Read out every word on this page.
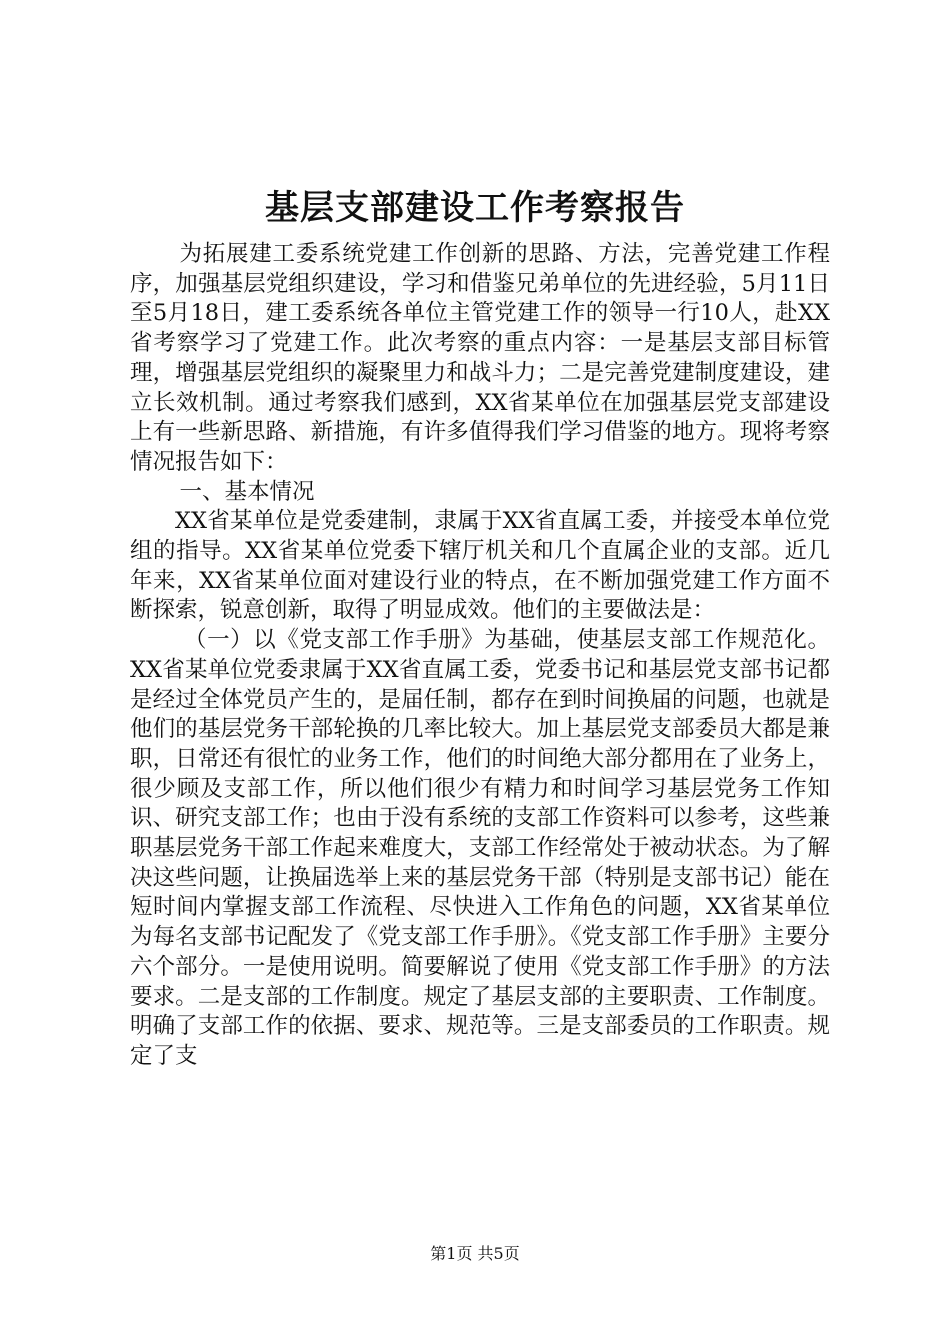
基层支部建设工作考察报告

为拓展建工委系统党建工作创新的思路、方法，完善党建工作程序，加强基层党组织建设，学习和借鉴兄弟单位的先进经验，5月11日至5月18日，建工委系统各单位主管党建工作的领导一行10人，赴XX省考察学习了党建工作。此次考察的重点内容：一是基层支部目标管理，增强基层党组织的凝聚里力和战斗力；二是完善党建制度建设，建立长效机制。通过考察我们感到，XX省某单位在加强基层党支部建设上有一些新思路、新措施，有许多值得我们学习借鉴的地方。现将考察情况报告如下：

一、基本情况

XX省某单位是党委建制，隶属于XX省直属工委，并接受本单位党组的指导。XX省某单位党委下辖厅机关和几个直属企业的支部。近几年来，XX省某单位面对建设行业的特点，在不断加强党建工作方面不断探索，锐意创新，取得了明显成效。他们的主要做法是：

（一）以《党支部工作手册》为基础，使基层支部工作规范化。XX省某单位党委隶属于XX省直属工委，党委书记和基层党支部书记都是经过全体党员产生的，是届任制，都存在到时间换届的问题，也就是他们的基层党务干部轮换的几率比较大。加上基层党支部委员大都是兼职，日常还有很忙的业务工作，他们的时间绝大部分都用在了业务上，很少顾及支部工作，所以他们很少有精力和时间学习基层党务工作知识、研究支部工作；也由于没有系统的支部工作资料可以参考，这些兼职基层党务干部工作起来难度大，支部工作经常处于被动状态。为了解决这些问题，让换届选举上来的基层党务干部（特别是支部书记）能在短时间内掌握支部工作流程、尽快进入工作角色的问题，XX省某单位为每名支部书记配发了《党支部工作手册》。《党支部工作手册》主要分六个部分。一是使用说明。简要解说了使用《党支部工作手册》的方法要求。二是支部的工作制度。规定了基层支部的主要职责、工作制度。明确了支部工作的依据、要求、规范等。三是支部委员的工作职责。规定了支

第1页 共5页
